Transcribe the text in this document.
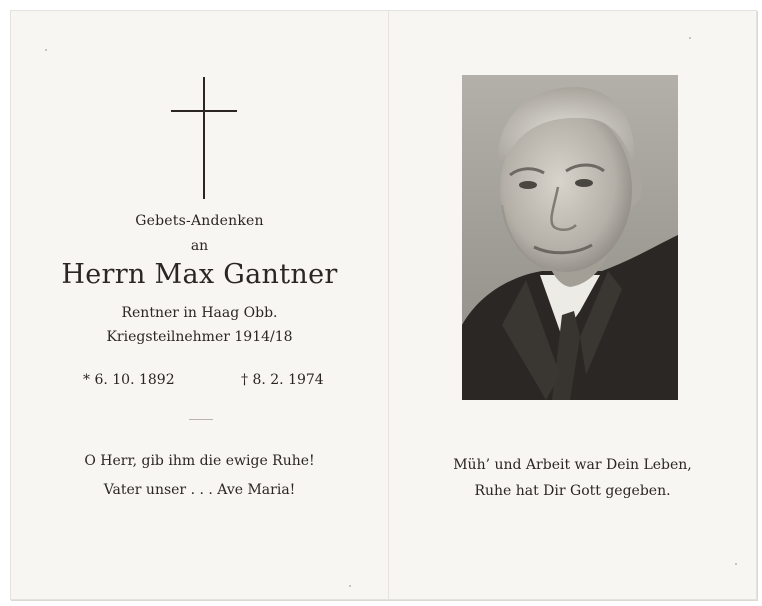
Gebets-Andenken
an
Herrn Max Gantner
Rentner in Haag Obb.
Kriegsteilnehmer 1914/18
* 6. 10. 1892	† 8. 2. 1974
O Herr, gib ihm die ewige Ruhe!
Vater unser . . . Ave Maria!
Müh’ und Arbeit war Dein Leben,
Ruhe hat Dir Gott gegeben.
